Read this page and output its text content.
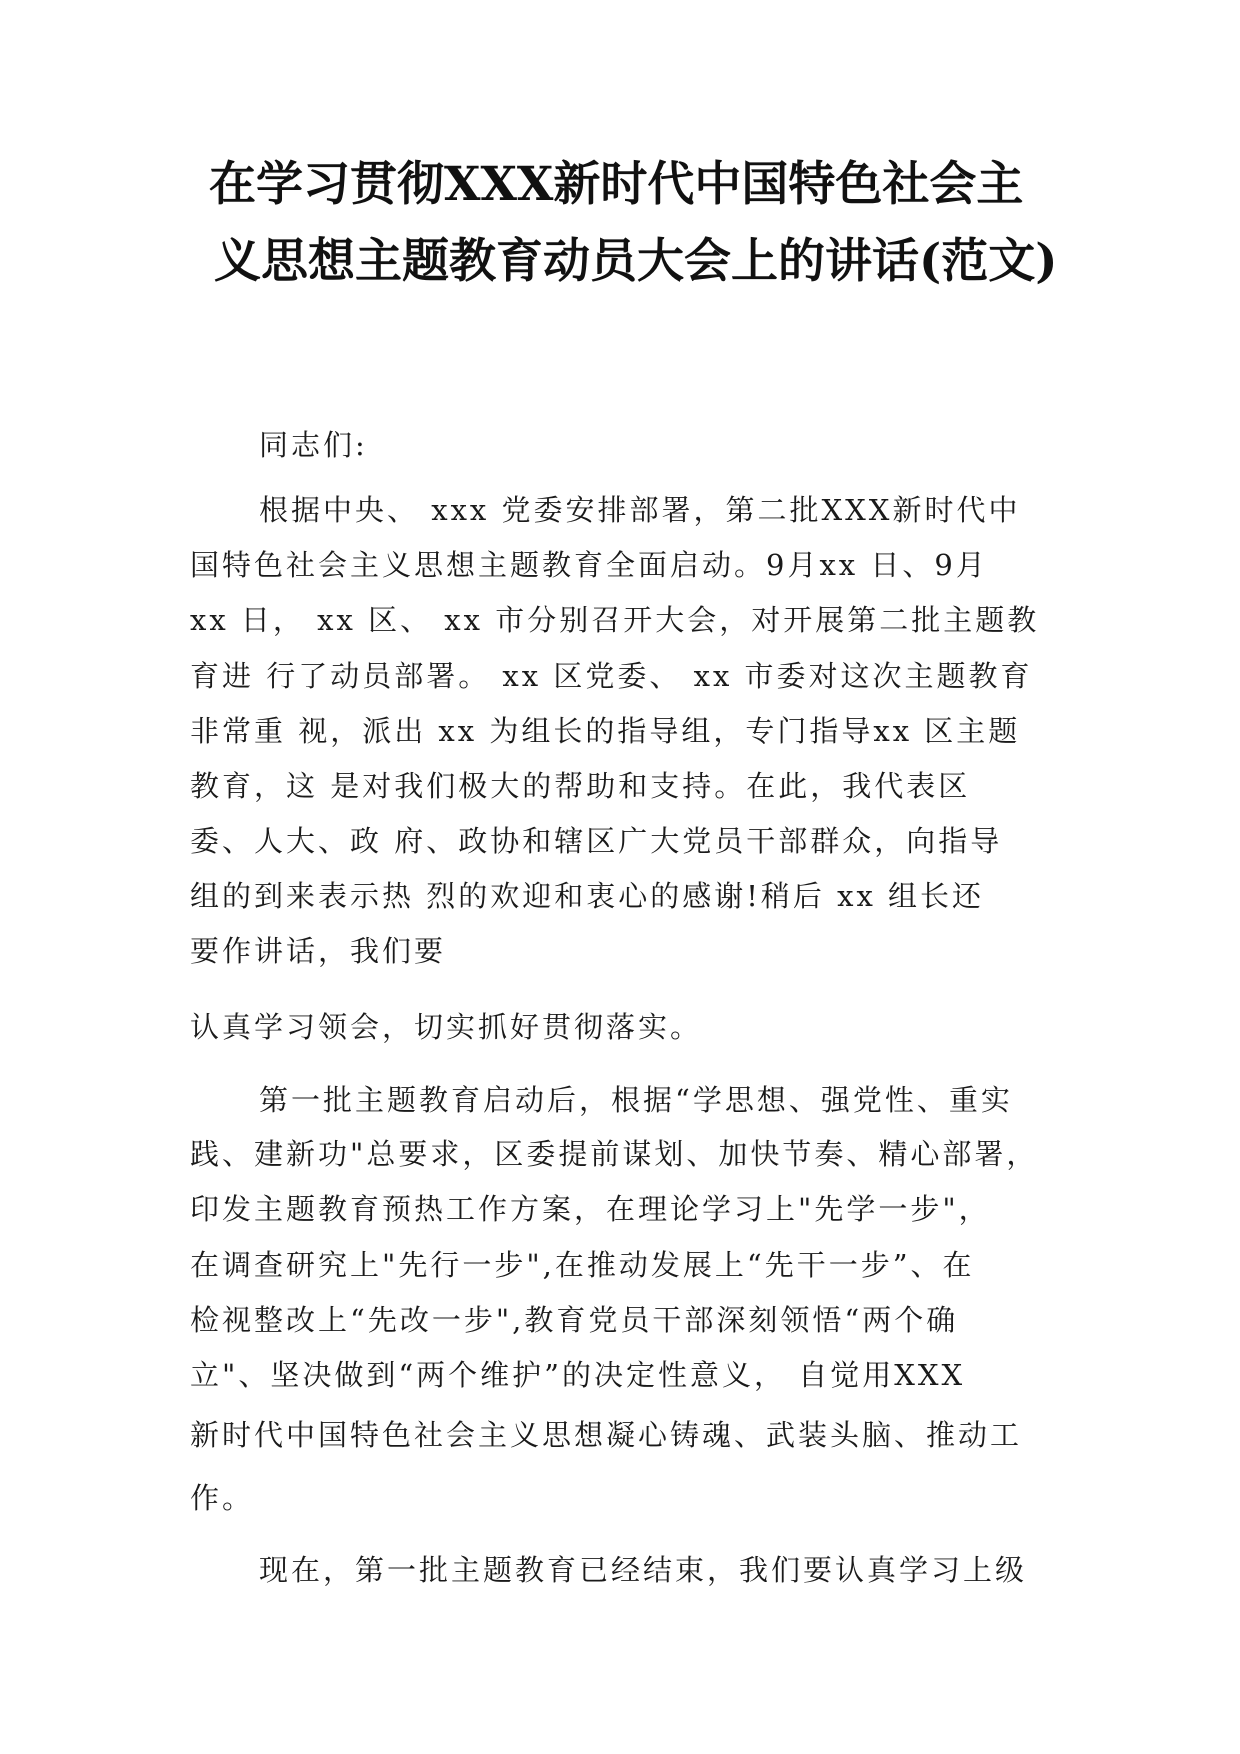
在学习贯彻XXX新时代中国特色社会主
义思想主题教育动员大会上的讲话(范文)
同志们:
根据中央、 xxx 党委安排部署，第二批XXX新时代中
国特色社会主义思想主题教育全面启动。9月xx 日、9月
xx 日， xx 区、 xx 市分别召开大会，对开展第二批主题教
育进 行了动员部署。 xx 区党委、 xx 市委对这次主题教育
非常重 视，派出 xx 为组长的指导组，专门指导xx 区主题
教育，这 是对我们极大的帮助和支持。在此，我代表区
委、人大、政 府、政协和辖区广大党员干部群众，向指导
组的到来表示热 烈的欢迎和衷心的感谢!稍后 xx 组长还
要作讲话，我们要
认真学习领会，切实抓好贯彻落实。
第一批主题教育启动后，根据“学思想、强党性、重实
践、建新功"总要求，区委提前谋划、加快节奏、精心部署，
印发主题教育预热工作方案，在理论学习上"先学一步"，
在调查研究上"先行一步",在推动发展上“先干一步”、在
检视整改上“先改一步",教育党员干部深刻领悟“两个确
立"、坚决做到“两个维护”的决定性意义， 自觉用XXX
新时代中国特色社会主义思想凝心铸魂、武装头脑、推动工
作。
现在，第一批主题教育已经结束，我们要认真学习上级
